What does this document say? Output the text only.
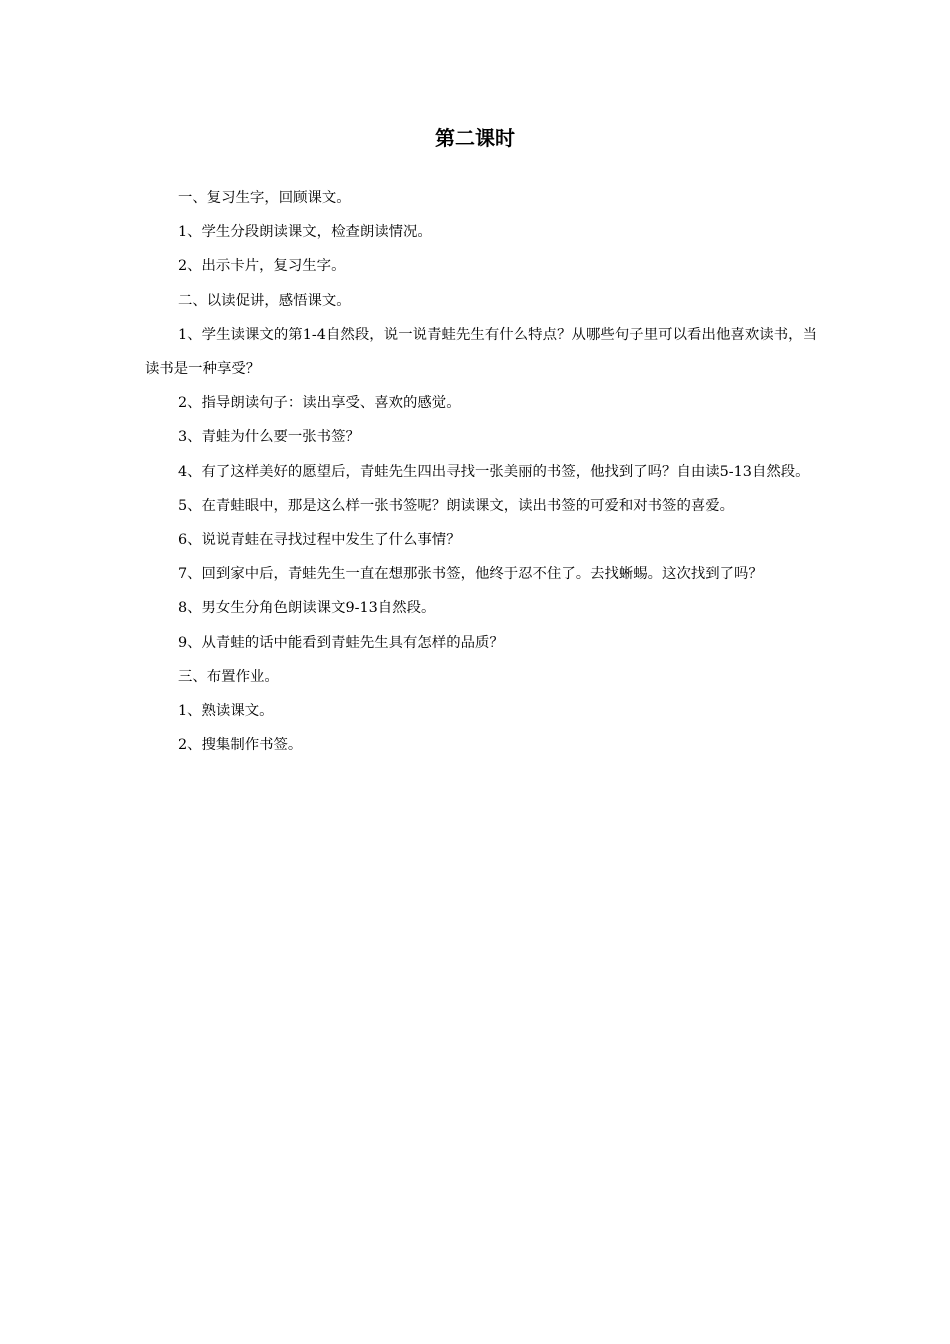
第二课时

一、复习生字，回顾课文。

1、学生分段朗读课文，检查朗读情况。

2、出示卡片，复习生字。

二、以读促讲，感悟课文。

1、学生读课文的第1-4自然段，说一说青蛙先生有什么特点？从哪些句子里可以看出他喜欢读书，当读书是一种享受？

2、指导朗读句子：读出享受、喜欢的感觉。

3、青蛙为什么要一张书签？

4、有了这样美好的愿望后，青蛙先生四出寻找一张美丽的书签，他找到了吗？自由读5-13自然段。

5、在青蛙眼中，那是这么样一张书签呢？朗读课文，读出书签的可爱和对书签的喜爱。

6、说说青蛙在寻找过程中发生了什么事情？

7、回到家中后，青蛙先生一直在想那张书签，他终于忍不住了。去找蜥蜴。这次找到了吗？

8、男女生分角色朗读课文9-13自然段。

9、从青蛙的话中能看到青蛙先生具有怎样的品质？

三、布置作业。

1、熟读课文。

2、搜集制作书签。
